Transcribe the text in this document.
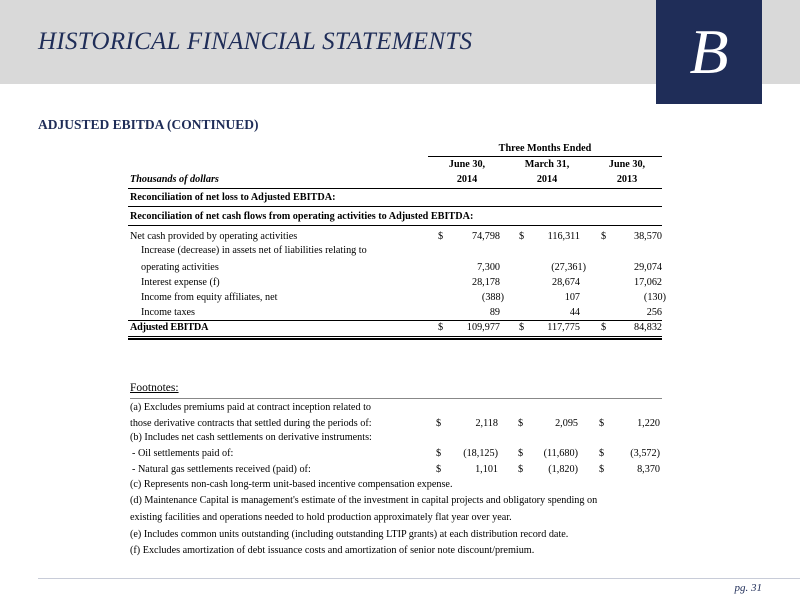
HISTORICAL FINANCIAL STATEMENTS	B
ADJUSTED EBITDA (CONTINUED)
Three Months Ended
June 30,	March 31,	June 30,
Thousands of dollars	2014	2014	2013
Reconciliation of net loss to Adjusted EBITDA:
Reconciliation of net cash flows from operating activities to Adjusted EBITDA:
Net cash provided by operating activities	$	74,798 $	116,311 $	38,570
Increase (decrease) in assets net of liabilities relating to
operating activities	7,300	(27,361)	29,074
Interest expense (f)	28,178	28,674	17,062
Income from equity affiliates, net	(388)	107	(130)
Income taxes	89	44	256
Adjusted EBITDA	$	109,977 $	117,775 $	84,832
Footnotes:
(a) Excludes premiums paid at contract inception related to
those derivative contracts that settled during the periods of:	$	2,118 $	2,095 $	1,220
(b) Includes net cash settlements on derivative instruments:
- Oil settlements paid of:	$	(18,125) $	(11,680) $	(3,572)
- Natural gas settlements received (paid) of:	$	1,101 $	(1,820) $	8,370
(c) Represents non-cash long-term unit-based incentive compensation expense.
(d) Maintenance Capital is management's estimate of the investment in capital projects and obligatory spending on
existing facilities and operations needed to hold production approximately flat year over year.
(e) Includes common units outstanding (including outstanding LTIP grants) at each distribution record date.
(f) Excludes amortization of debt issuance costs and amortization of senior note discount/premium.
pg. 31
